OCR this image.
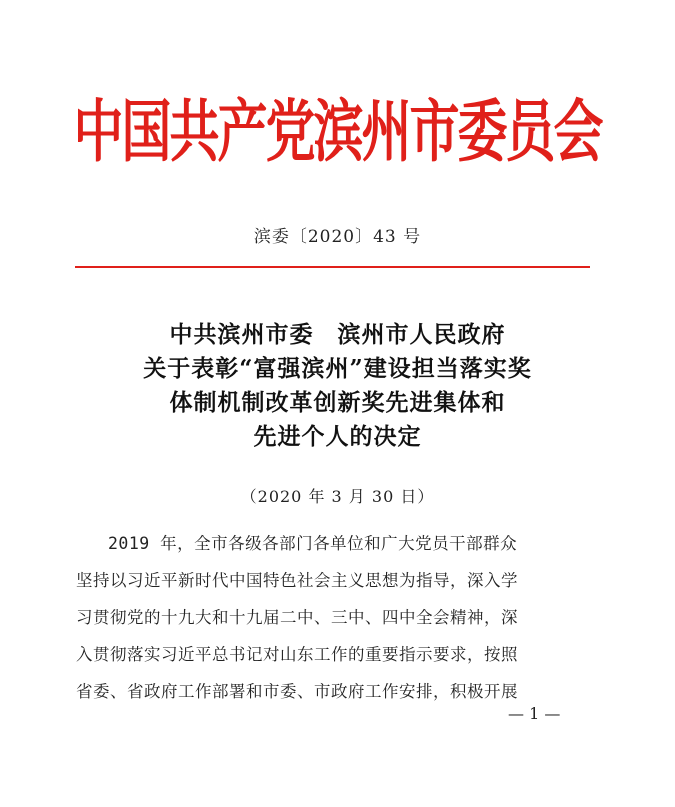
中国共产党滨州市委员会
滨委〔2020〕43 号
中共滨州市委　滨州市人民政府
关于表彰“富强滨州”建设担当落实奖
体制机制改革创新奖先进集体和
先进个人的决定
（2020 年 3 月 30 日）
2019 年，全市各级各部门各单位和广大党员干部群众
坚持以习近平新时代中国特色社会主义思想为指导，深入学
习贯彻党的十九大和十九届二中、三中、四中全会精神，深
入贯彻落实习近平总书记对山东工作的重要指示要求，按照
省委、省政府工作部署和市委、市政府工作安排，积极开展
— 1 —
